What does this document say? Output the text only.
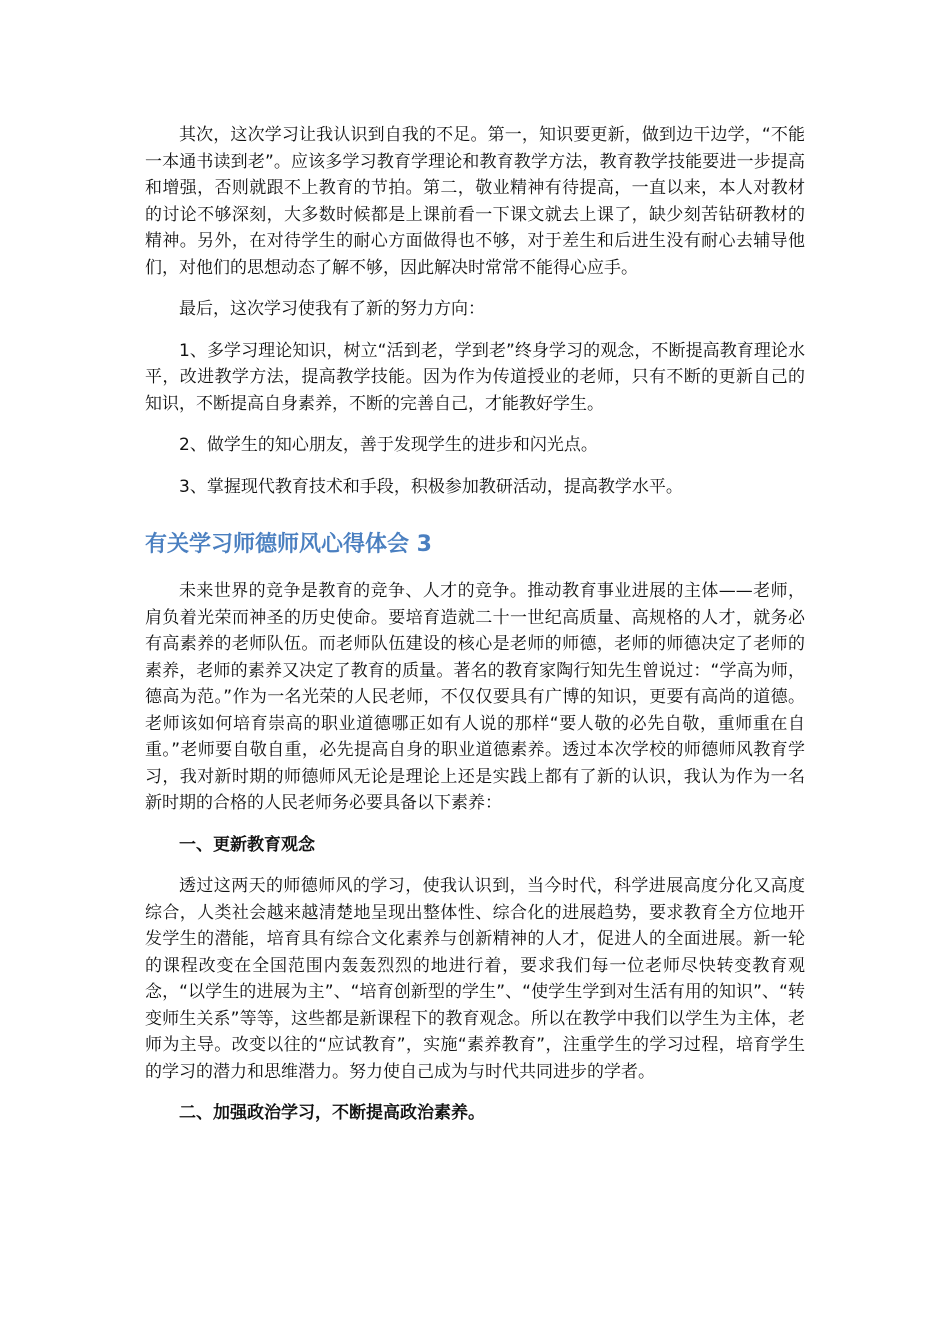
其次，这次学习让我认识到自我的不足。第一，知识要更新，做到边干边学，“不能一本通书读到老”。应该多学习教育学理论和教育教学方法，教育教学技能要进一步提高和增强，否则就跟不上教育的节拍。第二，敬业精神有待提高，一直以来，本人对教材的讨论不够深刻，大多数时候都是上课前看一下课文就去上课了，缺少刻苦钻研教材的精神。另外，在对待学生的耐心方面做得也不够，对于差生和后进生没有耐心去辅导他们，对他们的思想动态了解不够，因此解决时常常不能得心应手。

最后，这次学习使我有了新的努力方向：

1、多学习理论知识，树立“活到老，学到老”终身学习的观念，不断提高教育理论水平，改进教学方法，提高教学技能。因为作为传道授业的老师，只有不断的更新自己的知识，不断提高自身素养，不断的完善自己，才能教好学生。

2、做学生的知心朋友，善于发现学生的进步和闪光点。

3、掌握现代教育技术和手段，积极参加教研活动，提高教学水平。

有关学习师德师风心得体会 3

未来世界的竞争是教育的竞争、人才的竞争。推动教育事业进展的主体——老师，肩负着光荣而神圣的历史使命。要培育造就二十一世纪高质量、高规格的人才，就务必有高素养的老师队伍。而老师队伍建设的核心是老师的师德，老师的师德决定了老师的素养，老师的素养又决定了教育的质量。著名的教育家陶行知先生曾说过：“学高为师，德高为范。”作为一名光荣的人民老师，不仅仅要具有广博的知识，更要有高尚的道德。老师该如何培育崇高的职业道德哪正如有人说的那样“要人敬的必先自敬，重师重在自重。”老师要自敬自重，必先提高自身的职业道德素养。透过本次学校的师德师风教育学习，我对新时期的师德师风无论是理论上还是实践上都有了新的认识，我认为作为一名新时期的合格的人民老师务必要具备以下素养：

一、更新教育观念

透过这两天的师德师风的学习，使我认识到，当今时代，科学进展高度分化又高度综合，人类社会越来越清楚地呈现出整体性、综合化的进展趋势，要求教育全方位地开发学生的潜能，培育具有综合文化素养与创新精神的人才，促进人的全面进展。新一轮的课程改变在全国范围内轰轰烈烈的地进行着，要求我们每一位老师尽快转变教育观念，“以学生的进展为主”、“培育创新型的学生”、“使学生学到对生活有用的知识”、“转变师生关系”等等，这些都是新课程下的教育观念。所以在教学中我们以学生为主体，老师为主导。改变以往的“应试教育”，实施“素养教育”，注重学生的学习过程，培育学生的学习的潜力和思维潜力。努力使自己成为与时代共同进步的学者。

二、加强政治学习，不断提高政治素养。
